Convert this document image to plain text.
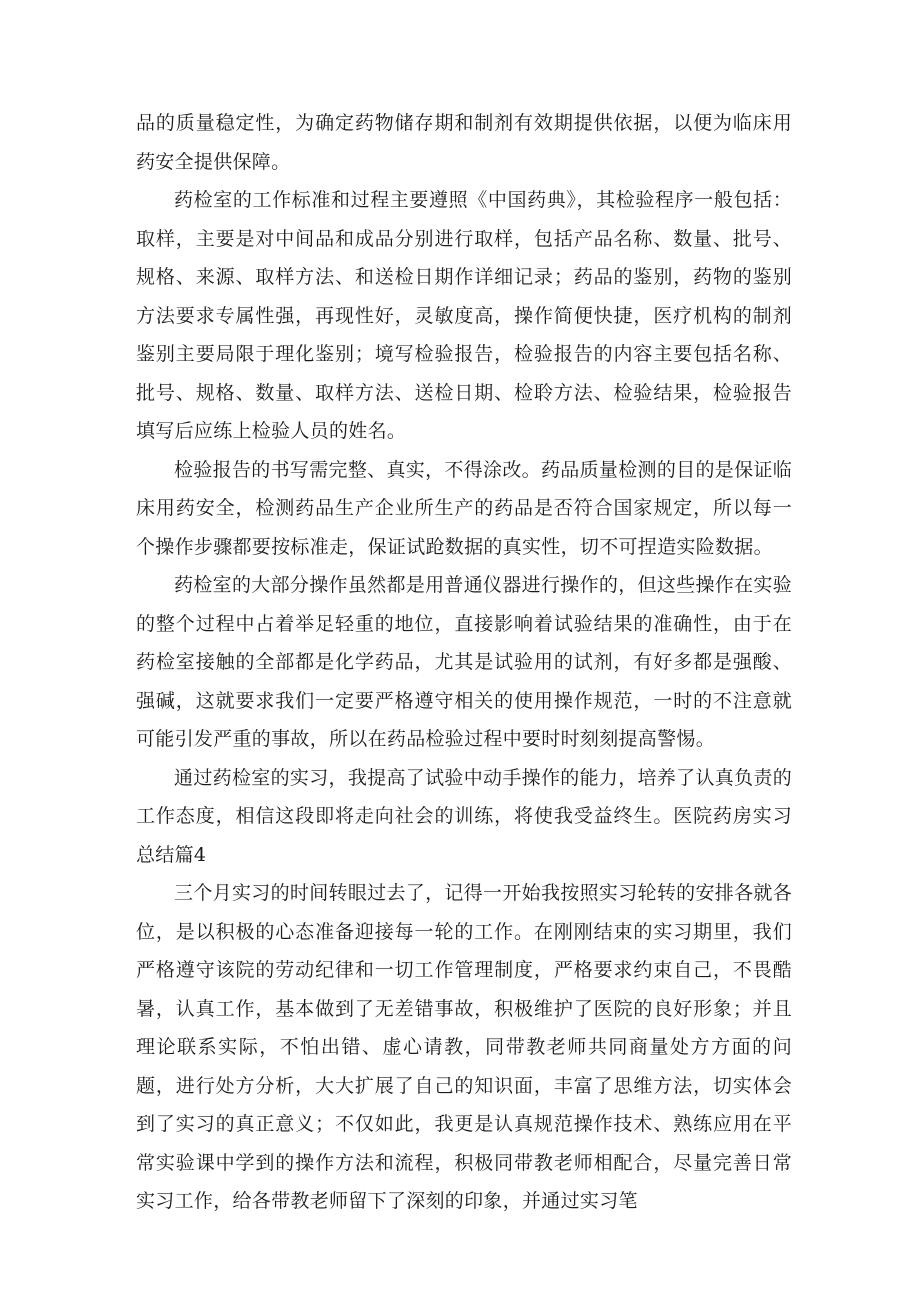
品的质量稳定性，为确定药物储存期和制剂有效期提供依据，以便为临床用药安全提供保障。

药检室的工作标准和过程主要遵照《中国药典》，其检验程序一般包括：取样，主要是对中间品和成品分别进行取样，包括产品名称、数量、批号、规格、来源、取样方法、和送检日期作详细记录；药品的鉴别，药物的鉴别方法要求专属性强，再现性好，灵敏度高，操作简便快捷，医疗机构的制剂鉴别主要局限于理化鉴别；境写检验报告，检验报告的内容主要包括名称、批号、规格、数量、取样方法、送检日期、检聆方法、检验结果，检验报告填写后应练上检验人员的姓名。

检验报告的书写需完整、真实，不得涂改。药品质量检测的目的是保证临床用药安全，检测药品生产企业所生产的药品是否符合国家规定，所以每一个操作步骤都要按标准走，保证试跄数据的真实性，切不可捏造实险数据。

药检室的大部分操作虽然都是用普通仪器进行操作的，但这些操作在实验的整个过程中占着举足轻重的地位，直接影响着试验结果的准确性，由于在药检室接触的全部都是化学药品，尤其是试验用的试剂，有好多都是强酸、强碱，这就要求我们一定要严格遵守相关的使用操作规范，一时的不注意就可能引发严重的事故，所以在药品检验过程中要时时刻刻提高警惕。

通过药检室的实习，我提高了试验中动手操作的能力，培养了认真负责的工作态度，相信这段即将走向社会的训练，将使我受益终生。医院药房实习总结篇4

三个月实习的时间转眼过去了，记得一开始我按照实习轮转的安排各就各位，是以积极的心态准备迎接每一轮的工作。在刚刚结束的实习期里，我们严格遵守该院的劳动纪律和一切工作管理制度，严格要求约束自己，不畏酷暑，认真工作，基本做到了无差错事故，积极维护了医院的良好形象；并且理论联系实际，不怕出错、虚心请教，同带教老师共同商量处方方面的问题，进行处方分析，大大扩展了自己的知识面，丰富了思维方法，切实体会到了实习的真正意义；不仅如此，我更是认真规范操作技术、熟练应用在平常实验课中学到的操作方法和流程，积极同带教老师相配合，尽量完善日常实习工作，给各带教老师留下了深刻的印象，并通过实习笔
